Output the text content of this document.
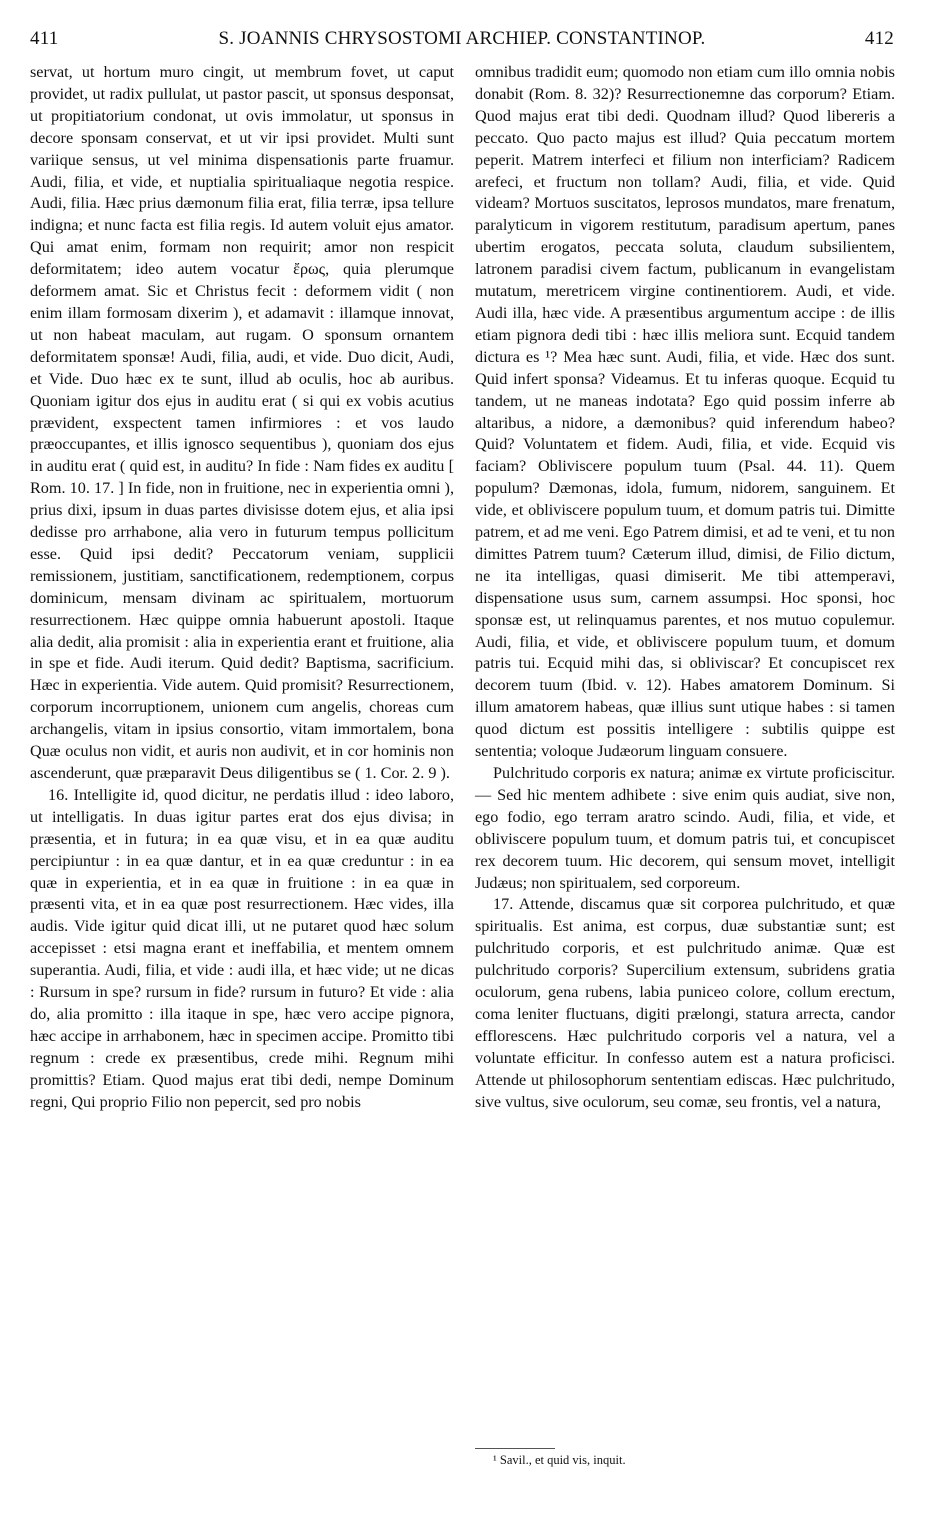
411	S. JOANNIS CHRYSOSTOMI ARCHIEP. CONSTANTINOP.	412

servat, ut hortum muro cingit, ut membrum fovet, ut caput providet, ut radix pullulat, ut pastor pascit, ut sponsus desponsat, ut propitiatorium condonat, ut ovis immolatur, ut sponsus in decore sponsam conservat, et ut vir ipsi providet. Multi sunt variique sensus, ut vel minima dispensationis parte fruamur. Audi, filia, et vide, et nuptialia spiritualiaque negotia respice. Audi, filia. Hæc prius dæmonum filia erat, filia terræ, ipsa tellure indigna; et nunc facta est filia regis. Id autem voluit ejus amator. Qui amat enim, formam non requirit; amor non respicit deformitatem; ideo autem vocatur ἔρως, quia plerumque deformem amat. Sic et Christus fecit : deformem vidit ( non enim illam formosam dixerim ), et adamavit : illamque innovat, ut non habeat maculam, aut rugam. O sponsum ornantem deformitatem sponsæ! Audi, filia, audi, et vide. Duo dicit, Audi, et Vide. Duo hæc ex te sunt, illud ab oculis, hoc ab auribus. Quoniam igitur dos ejus in auditu erat ( si qui ex vobis acutius prævident, exspectent tamen infirmiores : et vos laudo præoccupantes, et illis ignosco sequentibus ), quoniam dos ejus in auditu erat ( quid est, in auditu? In fide : Nam fides ex auditu [ Rom. 10. 17. ] In fide, non in fruitione, nec in experientia omni ), prius dixi, ipsum in duas partes divisisse dotem ejus, et alia ipsi dedisse pro arrhabone, alia vero in futurum tempus pollicitum esse. Quid ipsi dedit? Peccatorum veniam, supplicii remissionem, justitiam, sanctificationem, redemptionem, corpus dominicum, mensam divinam ac spiritualem, mortuorum resurrectionem. Hæc quippe omnia habuerunt apostoli. Itaque alia dedit, alia promisit : alia in experientia erant et fruitione, alia in spe et fide. Audi iterum. Quid dedit? Baptisma, sacrificium. Hæc in experientia. Vide autem. Quid promisit? Resurrectionem, corporum incorruptionem, unionem cum angelis, choreas cum archangelis, vitam in ipsius consortio, vitam immortalem, bona Quæ oculus non vidit, et auris non audivit, et in cor hominis non ascenderunt, quæ præparavit Deus diligentibus se ( 1. Cor. 2. 9 ).

16. Intelligite id, quod dicitur, ne perdatis illud : ideo laboro, ut intelligatis. In duas igitur partes erat dos ejus divisa; in præsentia, et in futura; in ea quæ visu, et in ea quæ auditu percipiuntur : in ea quæ dantur, et in ea quæ creduntur : in ea quæ in experientia, et in ea quæ in fruitione : in ea quæ in præsenti vita, et in ea quæ post resurrectionem. Hæc vides, illa audis. Vide igitur quid dicat illi, ut ne putaret quod hæc solum accepisset : etsi magna erant et ineffabilia, et mentem omnem superantia. Audi, filia, et vide : audi illa, et hæc vide; ut ne dicas : Rursum in spe? rursum in fide? rursum in futuro? Et vide : alia do, alia promitto : illa itaque in spe, hæc vero accipe pignora, hæc accipe in arrhabonem, hæc in specimen accipe. Promitto tibi regnum : crede ex præsentibus, crede mihi. Regnum mihi promittis? Etiam. Quod majus erat tibi dedi, nempe Dominum regni, Qui proprio Filio non pepercit, sed pro nobis

omnibus tradidit eum; quomodo non etiam cum illo omnia nobis donabit (Rom. 8. 32)? Resurrectionemne das corporum? Etiam. Quod majus erat tibi dedi. Quodnam illud? Quod libereris a peccato. Quo pacto majus est illud? Quia peccatum mortem peperit. Matrem interfeci et filium non interficiam? Radicem arefeci, et fructum non tollam? Audi, filia, et vide. Quid videam? Mortuos suscitatos, leprosos mundatos, mare frenatum, paralyticum in vigorem restitutum, paradisum apertum, panes ubertim erogatos, peccata soluta, claudum subsilientem, latronem paradisi civem factum, publicanum in evangelistam mutatum, meretricem virgine continentiorem. Audi, et vide. Audi illa, hæc vide. A præsentibus argumentum accipe : de illis etiam pignora dedi tibi : hæc illis meliora sunt. Ecquid tandem dictura es ¹? Mea hæc sunt. Audi, filia, et vide. Hæc dos sunt. Quid infert sponsa? Videamus. Et tu inferas quoque. Ecquid tu tandem, ut ne maneas indotata? Ego quid possim inferre ab altaribus, a nidore, a dæmonibus? quid inferendum habeo? Quid? Voluntatem et fidem. Audi, filia, et vide. Ecquid vis faciam? Obliviscere populum tuum (Psal. 44. 11). Quem populum? Dæmonas, idola, fumum, nidorem, sanguinem. Et vide, et obliviscere populum tuum, et domum patris tui. Dimitte patrem, et ad me veni. Ego Patrem dimisi, et ad te veni, et tu non dimittes Patrem tuum? Cæterum illud, dimisi, de Filio dictum, ne ita intelligas, quasi dimiserit. Me tibi attemperavi, dispensatione usus sum, carnem assumpsi. Hoc sponsi, hoc sponsæ est, ut relinquamus parentes, et nos mutuo copulemur. Audi, filia, et vide, et obliviscere populum tuum, et domum patris tui. Ecquid mihi das, si obliviscar? Et concupiscet rex decorem tuum (Ibid. v. 12). Habes amatorem Dominum. Si illum amatorem habeas, quæ illius sunt utique habes : si tamen quod dictum est possitis intelligere : subtilis quippe est sententia; voloque Judæorum linguam consuere.

Pulchritudo corporis ex natura; animæ ex virtute proficiscitur. — Sed hic mentem adhibete : sive enim quis audiat, sive non, ego fodio, ego terram aratro scindo. Audi, filia, et vide, et obliviscere populum tuum, et domum patris tui, et concupiscet rex decorem tuum. Hic decorem, qui sensum movet, intelligit Judæus; non spiritualem, sed corporeum.

17. Attende, discamus quæ sit corporea pulchritudo, et quæ spiritualis. Est anima, est corpus, duæ substantiæ sunt; est pulchritudo corporis, et est pulchritudo animæ. Quæ est pulchritudo corporis? Supercilium extensum, subridens gratia oculorum, gena rubens, labia puniceo colore, collum erectum, coma leniter fluctuans, digiti prælongi, statura arrecta, candor efflorescens. Hæc pulchritudo corporis vel a natura, vel a voluntate efficitur. In confesso autem est a natura proficisci. Attende ut philosophorum sententiam ediscas. Hæc pulchritudo, sive vultus, sive oculorum, seu comæ, seu frontis, vel a natura,

¹ Savil., et quid vis, inquit.
